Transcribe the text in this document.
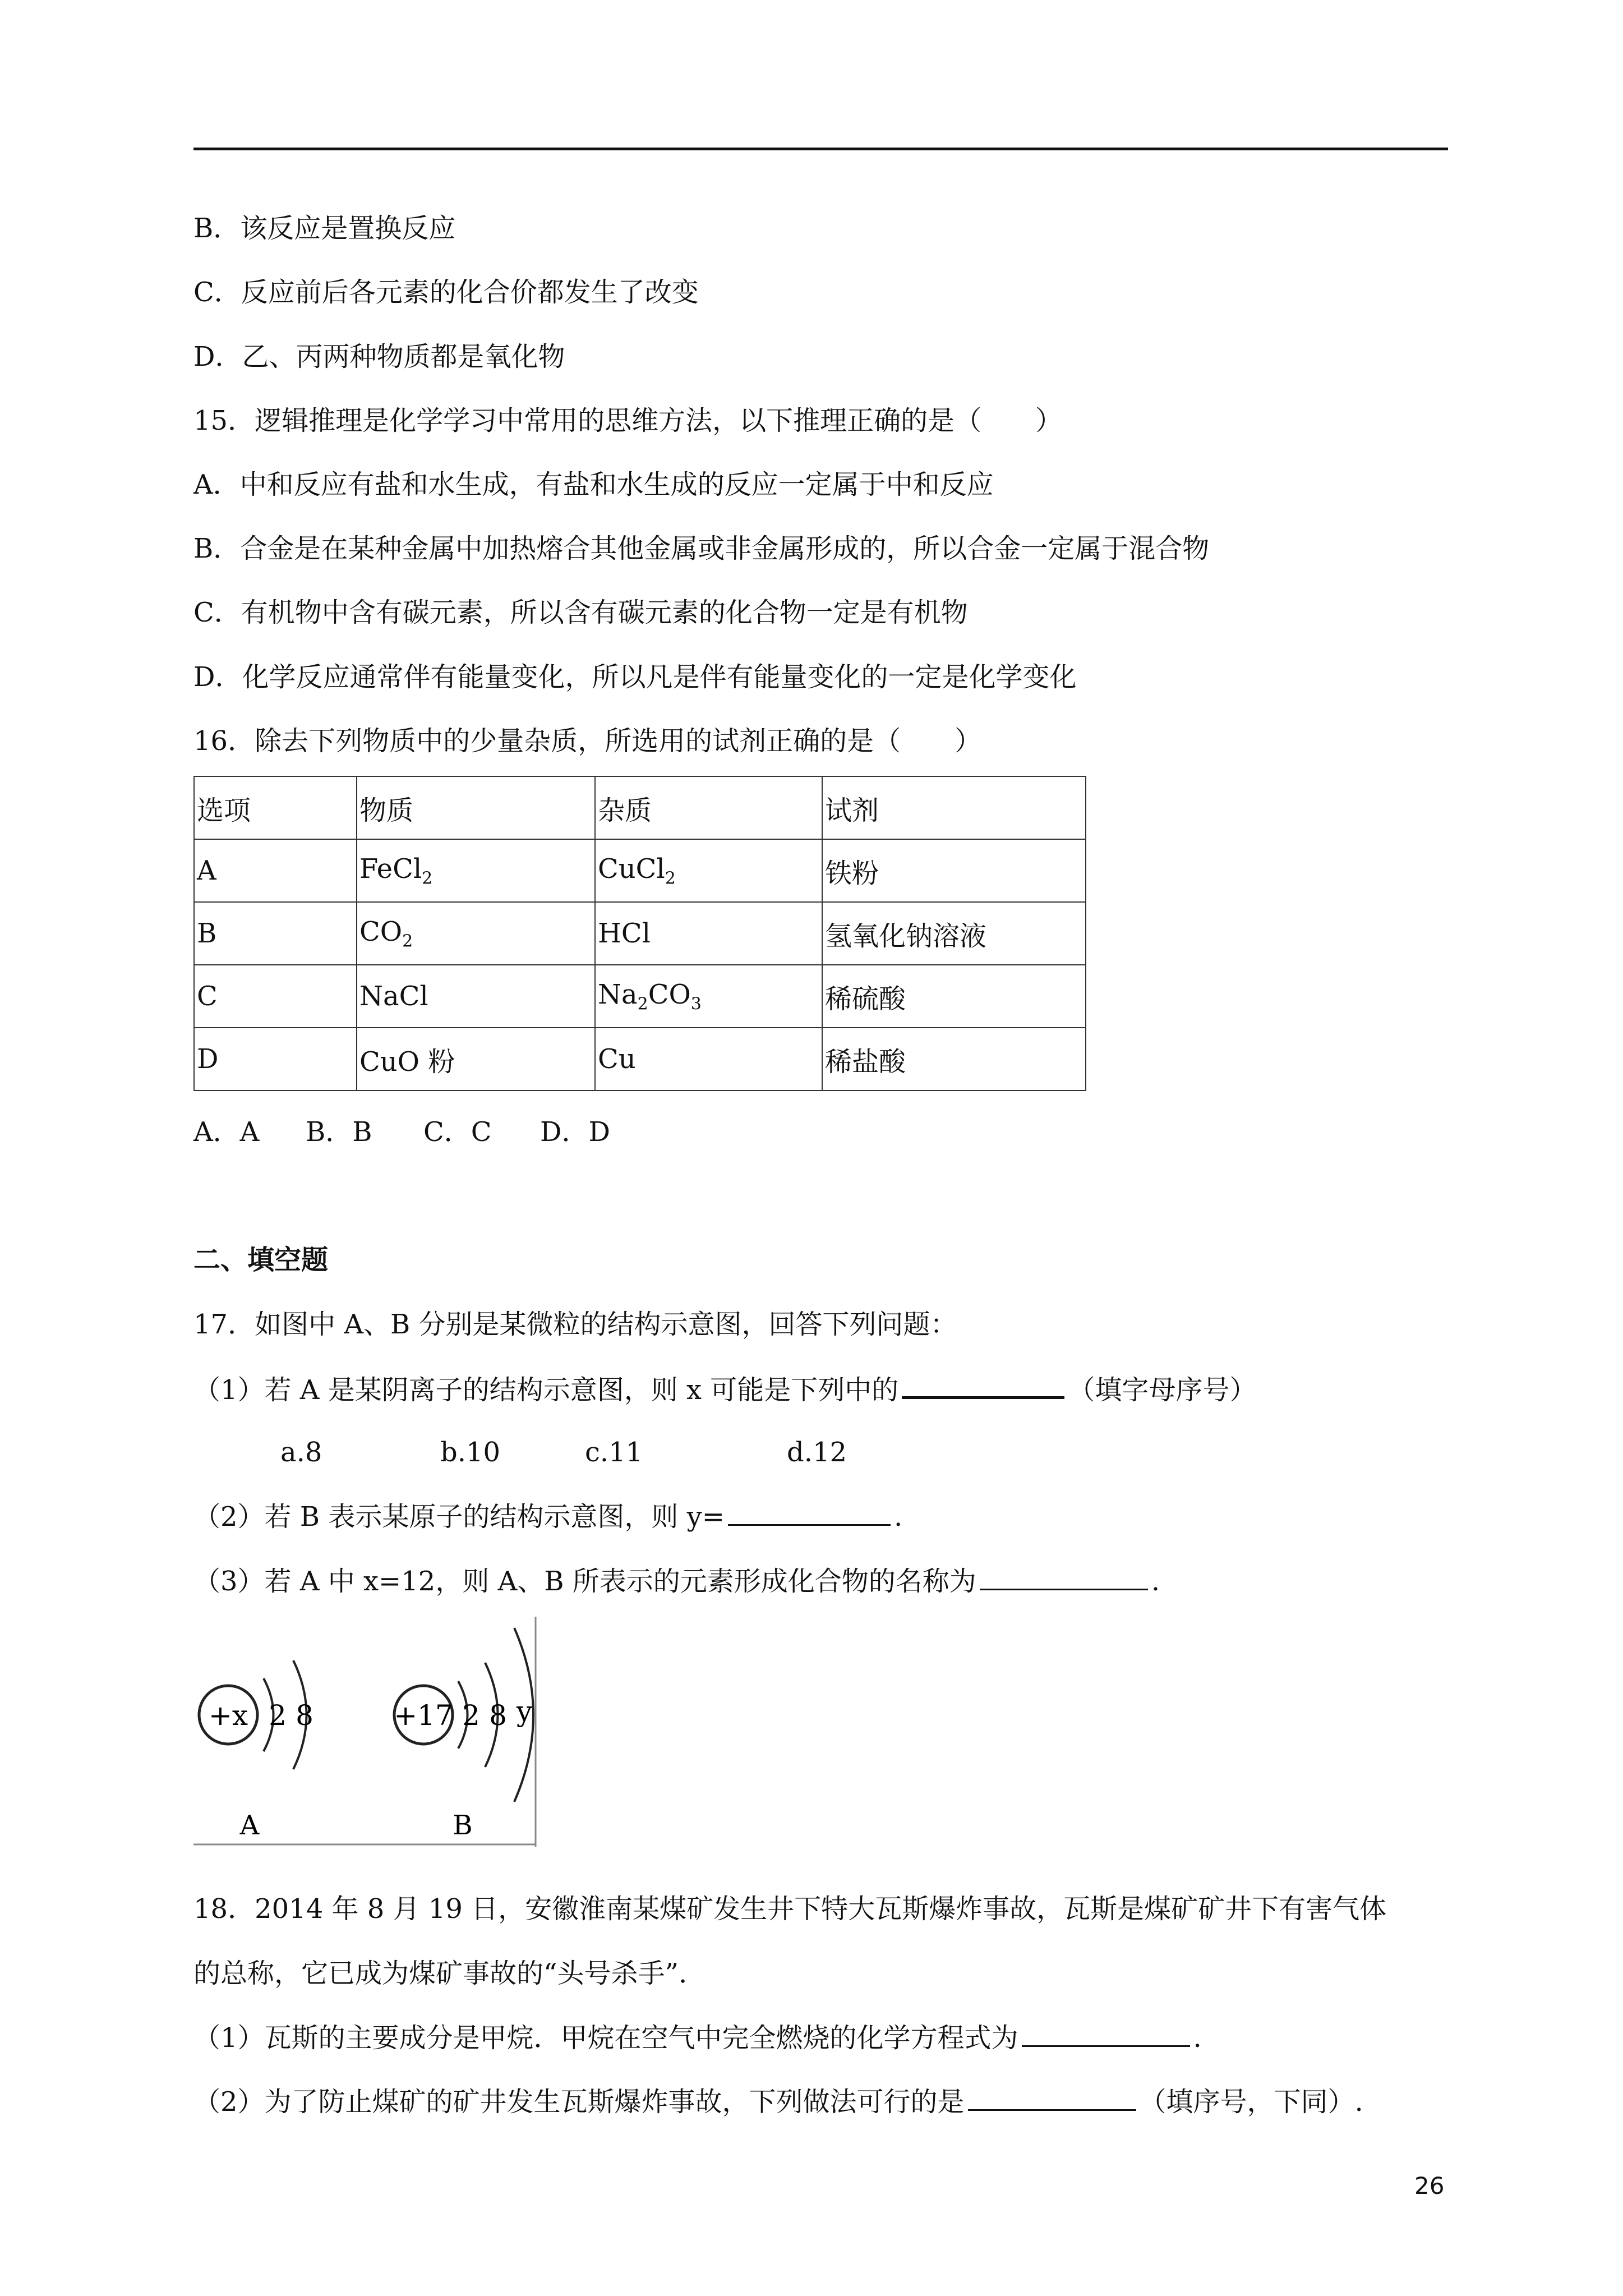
B．该反应是置换反应
C．反应前后各元素的化合价都发生了改变
D．乙、丙两种物质都是氧化物
15．逻辑推理是化学学习中常用的思维方法，以下推理正确的是（　　）
A．中和反应有盐和水生成，有盐和水生成的反应一定属于中和反应
B．合金是在某种金属中加热熔合其他金属或非金属形成的，所以合金一定属于混合物
C．有机物中含有碳元素，所以含有碳元素的化合物一定是有机物
D．化学反应通常伴有能量变化，所以凡是伴有能量变化的一定是化学变化
16．除去下列物质中的少量杂质，所选用的试剂正确的是（　　）
选项	物质	杂质	试剂
A	FeCl$_2$	CuCl$_2$	铁粉
B	$CO_2$	HCl	氢氧化钠溶液
C	NaCl	$Na_2CO_3$	稀硫酸
D	CuO 粉	Cu	稀盐酸
A．A B．B C．C D．D
二、填空题
17．如图中 A、B 分别是某微粒的结构示意图，回答下列问题：
（1）若 A 是某阴离子的结构示意图，则 x 可能是下列中的	（填字母序号）
a.8	b.10	c.11	d.12
（2）若 B 表示某原子的结构示意图，则 y=	.
（3）若 A 中 x=12，则 A、B 所表示的元素形成化合物的名称为	.
+x 2 8
A
+17 2 8 y
B
18．2014 年 8 月 19 日，安徽淮南某煤矿发生井下特大瓦斯爆炸事故，瓦斯是煤矿矿井下有害气体
的总称，它已成为煤矿事故的“头号杀手”．
（1）瓦斯的主要成分是甲烷．甲烷在空气中完全燃烧的化学方程式为	.
（2）为了防止煤矿的矿井发生瓦斯爆炸事故，下列做法可行的是	（填序号，下同）.
26
